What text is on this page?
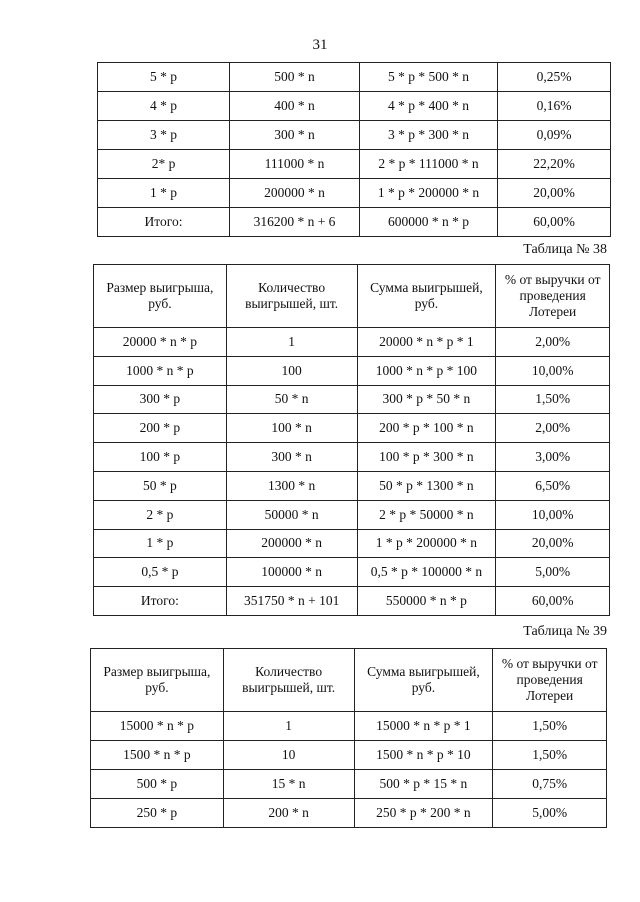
31
5 * р	500 * n	5 * р * 500 * n	0,25%
4 * р	400 * n	4 * р * 400 * n	0,16%
3 * р	300 * n	3 * р * 300 * n	0,09%
2* р	111000 * n	2 * р * 111000 * n	22,20%
1 * р	200000 * n	1 * р * 200000 * n	20,00%
Итого:	316200 * n + 6	600000 * n * р	60,00%
Таблица № 38
Размер выигрыша, руб.	Количество выигрышей, шт.	Сумма выигрышей, руб.	% от выручки от проведения Лотереи
20000 * n * р	1	20000 * n * р * 1	2,00%
1000 * n * р	100	1000 * n * р * 100	10,00%
300 * р	50 * n	300 * р * 50 * n	1,50%
200 * р	100 * n	200 * р * 100 * n	2,00%
100 * р	300 * n	100 * р * 300 * n	3,00%
50 * р	1300 * n	50 * р * 1300 * n	6,50%
2 * р	50000 * n	2 * р * 50000 * n	10,00%
1 * р	200000 * n	1 * р * 200000 * n	20,00%
0,5 * р	100000 * n	0,5 * р * 100000 * n	5,00%
Итого:	351750 * n + 101	550000 * n * р	60,00%
Таблица № 39
Размер выигрыша, руб.	Количество выигрышей, шт.	Сумма выигрышей, руб.	% от выручки от проведения Лотереи
15000 * n * р	1	15000 * n * р * 1	1,50%
1500 * n * р	10	1500 * n * р * 10	1,50%
500 * р	15 * n	500 * р * 15 * n	0,75%
250 * р	200 * n	250 * р * 200 * n	5,00%
